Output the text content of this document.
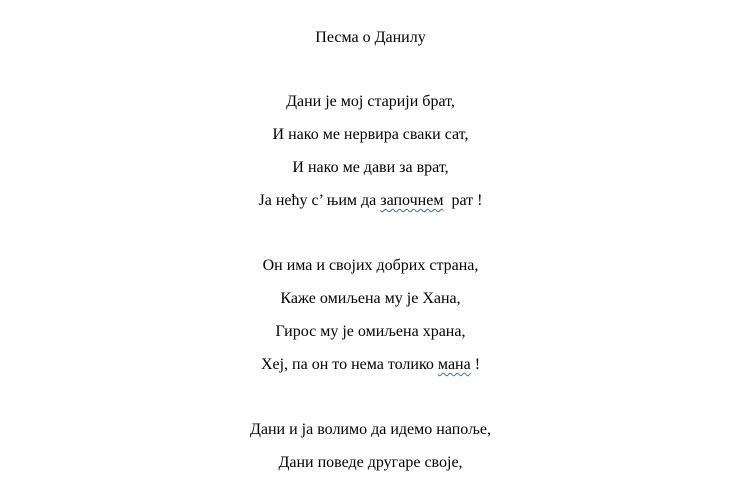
Песма о Данилу
Дани је мој старији брат,
И нако ме нервира сваки сат,
И нако ме дави за врат,
Ја нећу с’ њим да започнем  рат !
Он има и својих добрих страна,
Каже омиљена му је Хана,
Гирос му је омиљена храна,
Хеј, па он то нема толико мана !
Дани и ја волимо да идемо напоље,
Дани поведе другаре своје,
